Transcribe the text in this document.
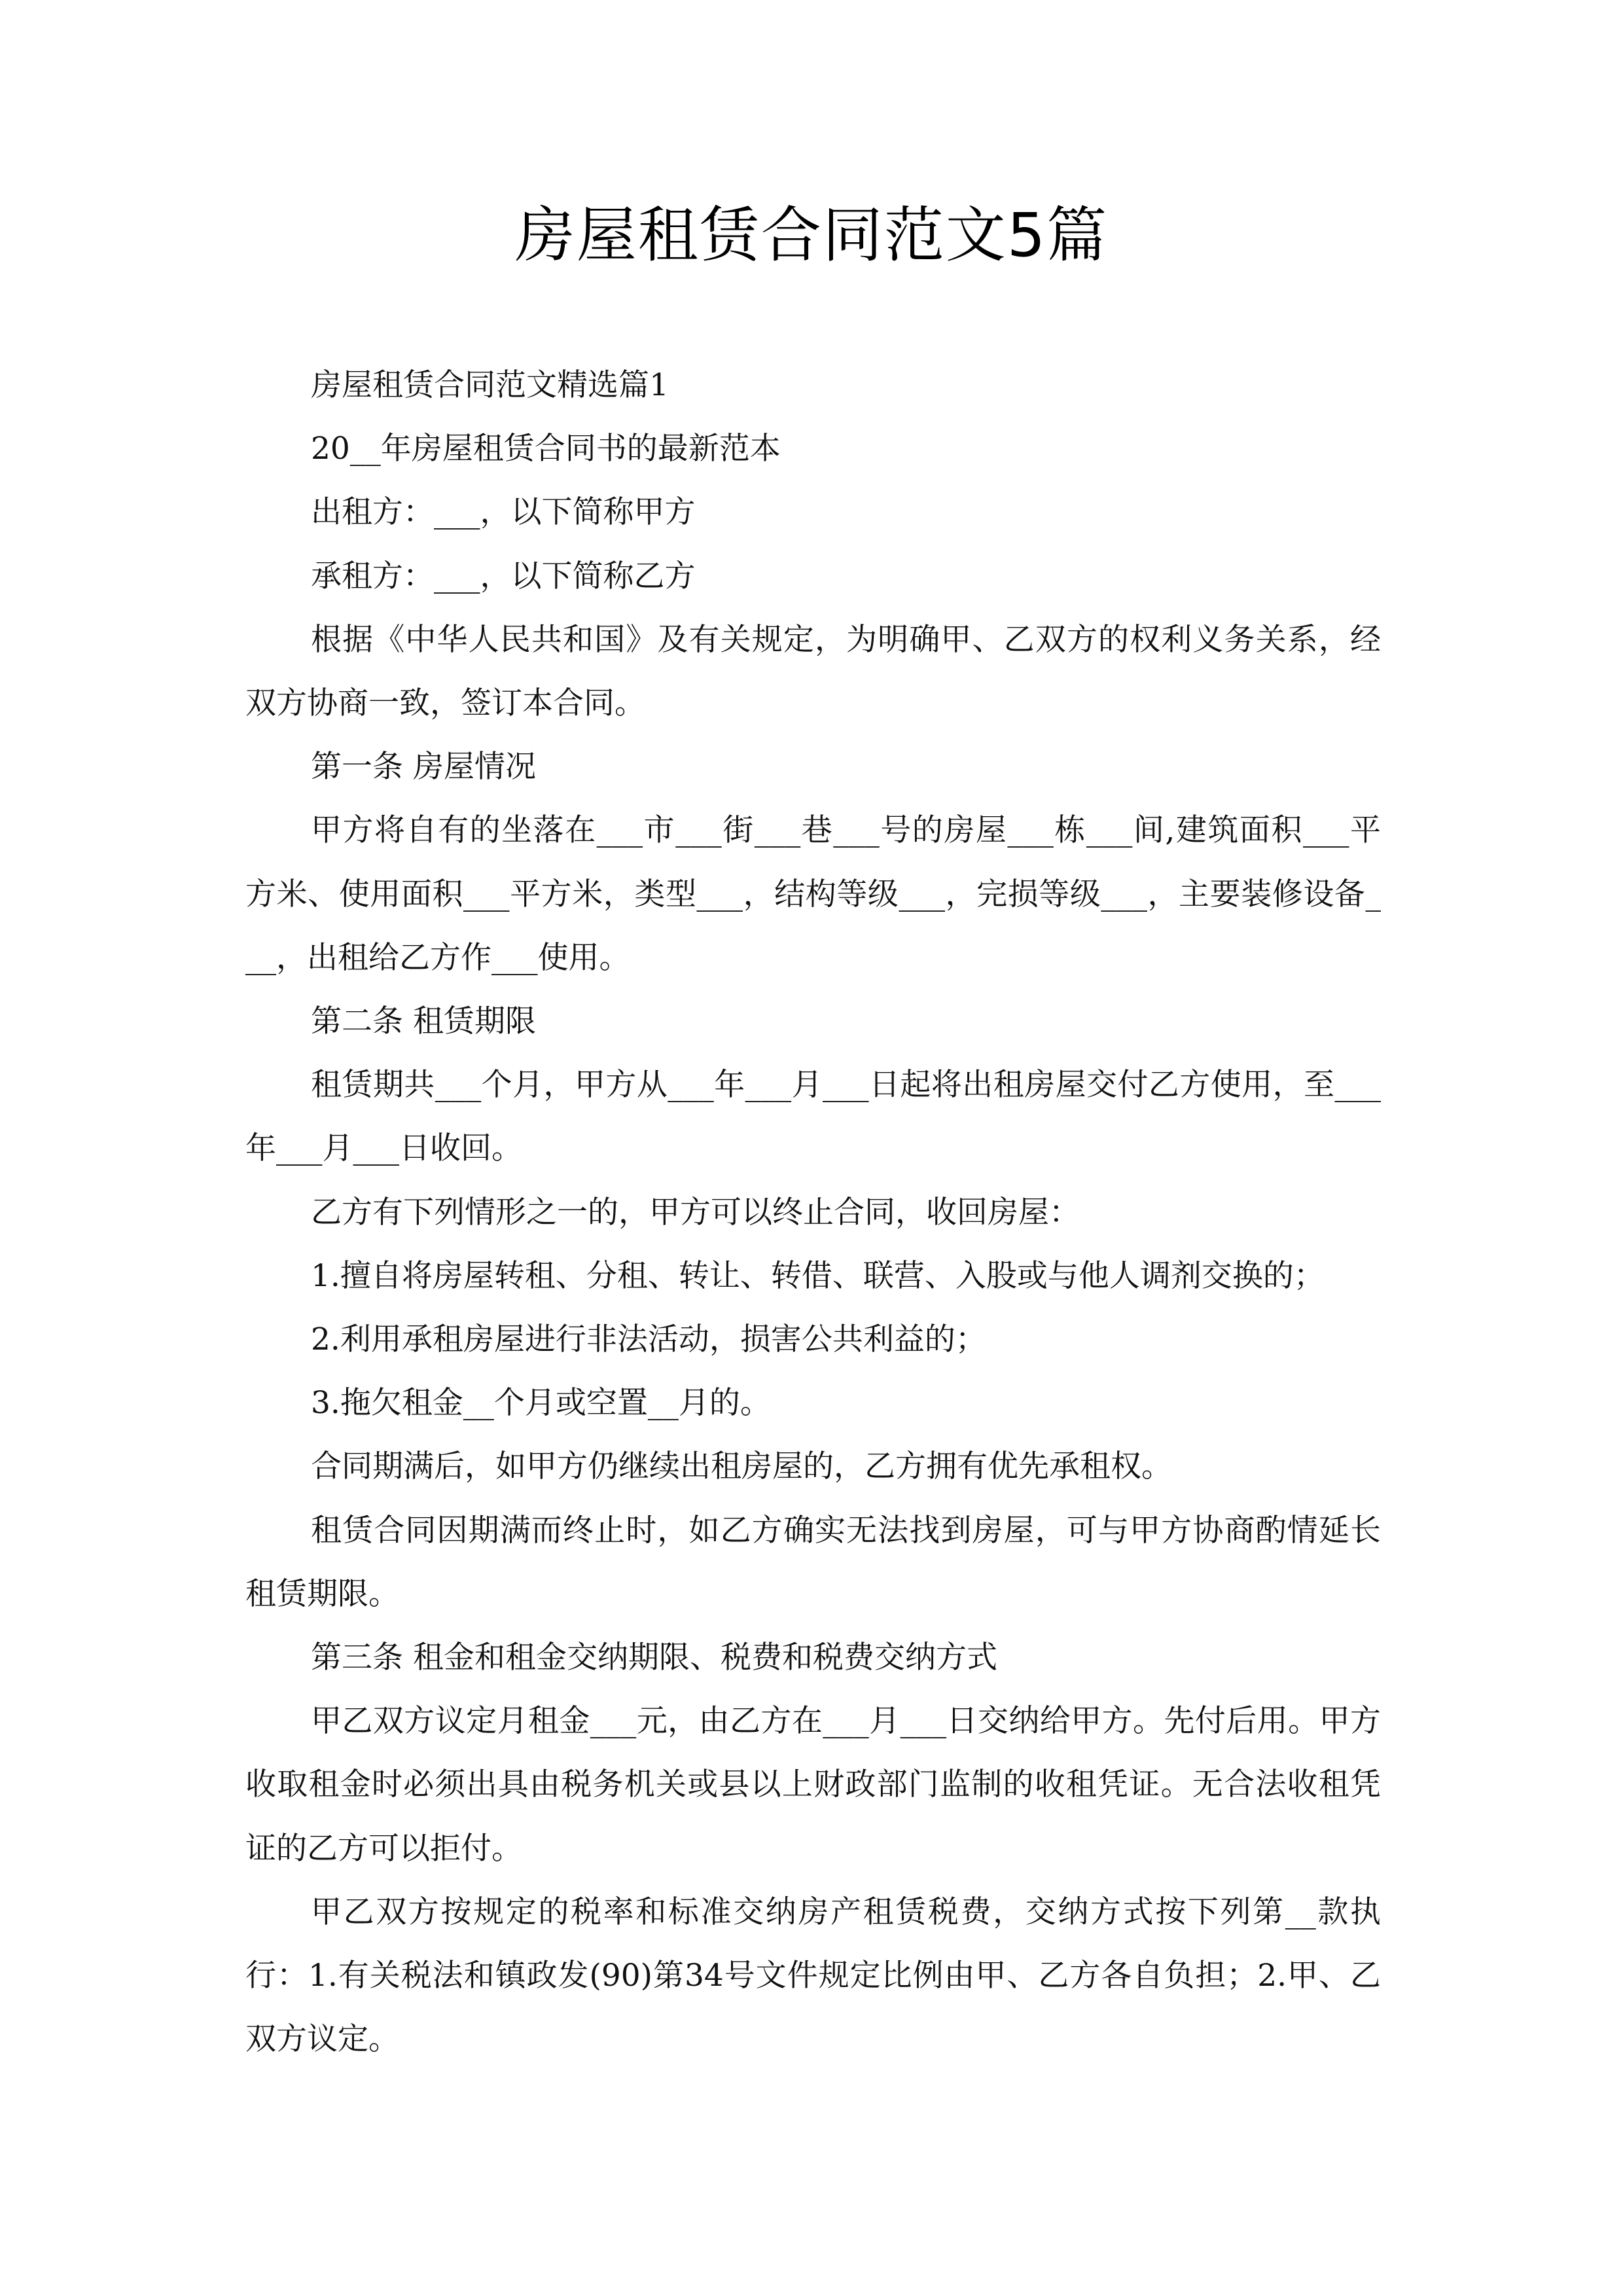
房屋租赁合同范文5篇

房屋租赁合同范文精选篇1

20__年房屋租赁合同书的最新范本

出租方：___，以下简称甲方

承租方：___，以下简称乙方

根据《中华人民共和国》及有关规定，为明确甲、乙双方的权利义务关系，经双方协商一致，签订本合同。

第一条 房屋情况

甲方将自有的坐落在___市___街___巷___号的房屋___栋___间,建筑面积___平方米、使用面积___平方米，类型___，结构等级___，完损等级___，主要装修设备___，出租给乙方作___使用。

第二条 租赁期限

租赁期共___个月，甲方从___年___月___日起将出租房屋交付乙方使用，至___年___月___日收回。

乙方有下列情形之一的，甲方可以终止合同，收回房屋：

1.擅自将房屋转租、分租、转让、转借、联营、入股或与他人调剂交换的；

2.利用承租房屋进行非法活动，损害公共利益的；

3.拖欠租金__个月或空置__月的。

合同期满后，如甲方仍继续出租房屋的，乙方拥有优先承租权。

租赁合同因期满而终止时，如乙方确实无法找到房屋，可与甲方协商酌情延长租赁期限。

第三条 租金和租金交纳期限、税费和税费交纳方式

甲乙双方议定月租金___元，由乙方在___月___日交纳给甲方。先付后用。甲方收取租金时必须出具由税务机关或县以上财政部门监制的收租凭证。无合法收租凭证的乙方可以拒付。

甲乙双方按规定的税率和标准交纳房产租赁税费，交纳方式按下列第__款执行：1.有关税法和镇政发(90)第34号文件规定比例由甲、乙方各自负担；2.甲、乙双方议定。
